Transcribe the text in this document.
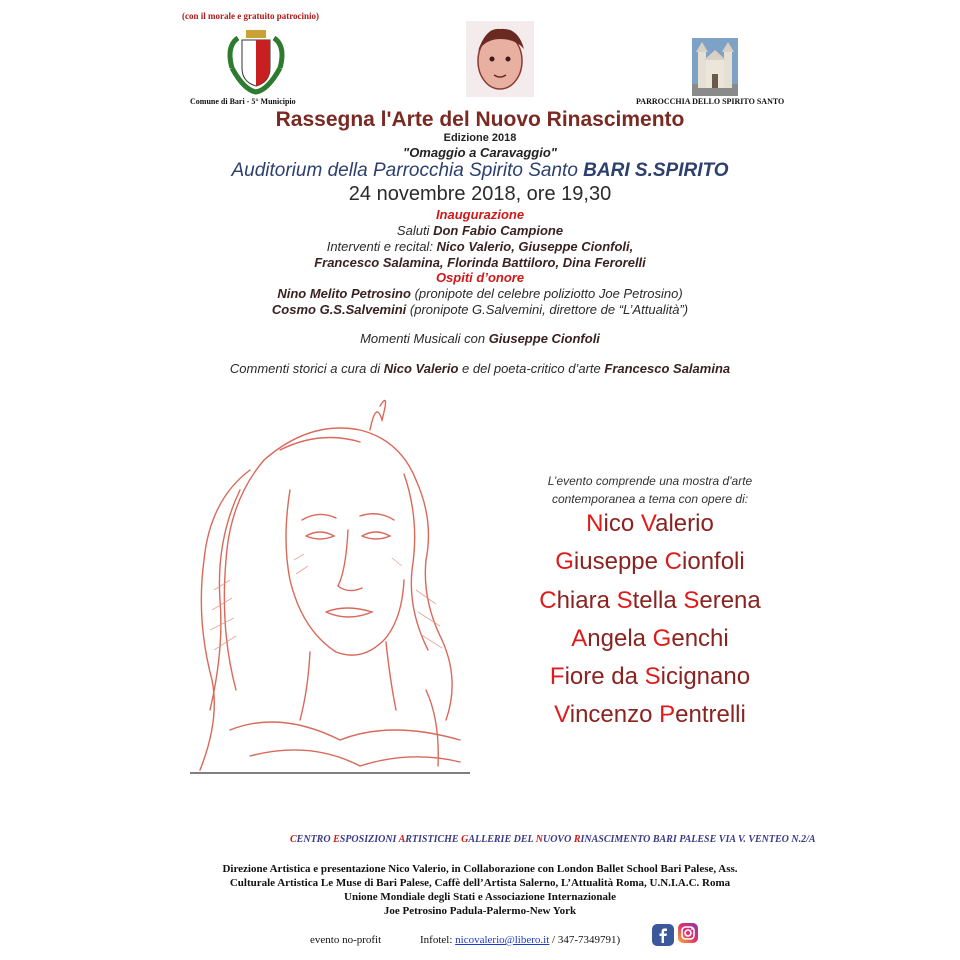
(con il morale e gratuito patrocinio)
Comune di Bari - 5° Municipio	PARROCCHIA DELLO SPIRITO SANTO
Rassegna l'Arte del Nuovo Rinascimento
Edizione 2018
"Omaggio a Caravaggio"
Auditorium della Parrocchia Spirito Santo BARI S.SPIRITO
24 novembre 2018, ore 19,30
Inaugurazione
Saluti Don Fabio Campione
Interventi e recital: Nico Valerio, Giuseppe Cionfoli,
Francesco Salamina, Florinda Battiloro, Dina Ferorelli
Ospiti d’onore
Nino Melito Petrosino (pronipote del celebre poliziotto Joe Petrosino)
Cosmo G.S.Salvemini (pronipote G.Salvemini, direttore de “L’Attualità”)
Momenti Musicali con Giuseppe Cionfoli
Commenti storici a cura di Nico Valerio e del poeta-critico d’arte Francesco Salamina
L’evento comprende una mostra d'arte
contemporanea a tema con opere di:
Nico Valerio
Giuseppe Cionfoli
Chiara Stella Serena
Angela Genchi
Fiore da Sicignano
Vincenzo Pentrelli
CENTRO ESPOSIZIONI ARTISTICHE GALLERIE DEL NUOVO RINASCIMENTO BARI PALESE VIA V. VENTEO N.2/A
Direzione Artistica e presentazione Nico Valerio, in Collaborazione con London Ballet School Bari Palese, Ass.
Culturale Artistica Le Muse di Bari Palese, Caffè dell’Artista Salerno, L’Attualità Roma, U.N.I.A.C. Roma
Unione Mondiale degli Stati e Associazione Internazionale
Joe Petrosino Padula-Palermo-New York
evento no-profit	Infotel: nicovalerio@libero.it / 347-7349791)
